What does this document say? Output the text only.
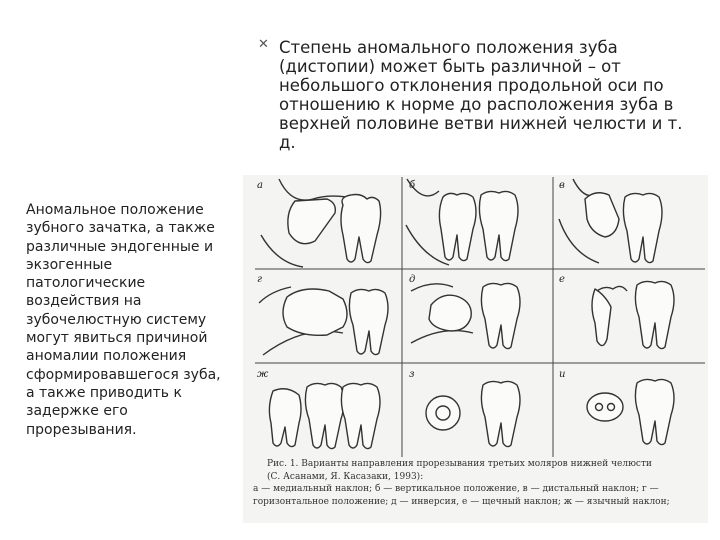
✕ Степень аномального положения зуба (дистопии) может быть различной – от небольшого отклонения продольной оси по отношению к норме до расположения зуба в верхней половине ветви нижней челюсти и т. д.
Аномальное положение зубного зачатка, а также различные эндогенные и экзогенные патологические воздействия на зубочелюстную систему могут явиться причиной аномалии положения сформировавшегося зуба, а также приводить к задержке его прорезывания.
а	б	в
г	д	е
ж	з	и
Рис. 1. Варианты направления прорезывания третьих моляров нижней челюсти
(С. Асанами, Я. Касазаки, 1993):
а — медиальный наклон; б — вертикальное положение, в — дистальный наклон; г —
горизонтальное положение; д — инверсия, е — щечный наклон; ж — язычный наклон;
